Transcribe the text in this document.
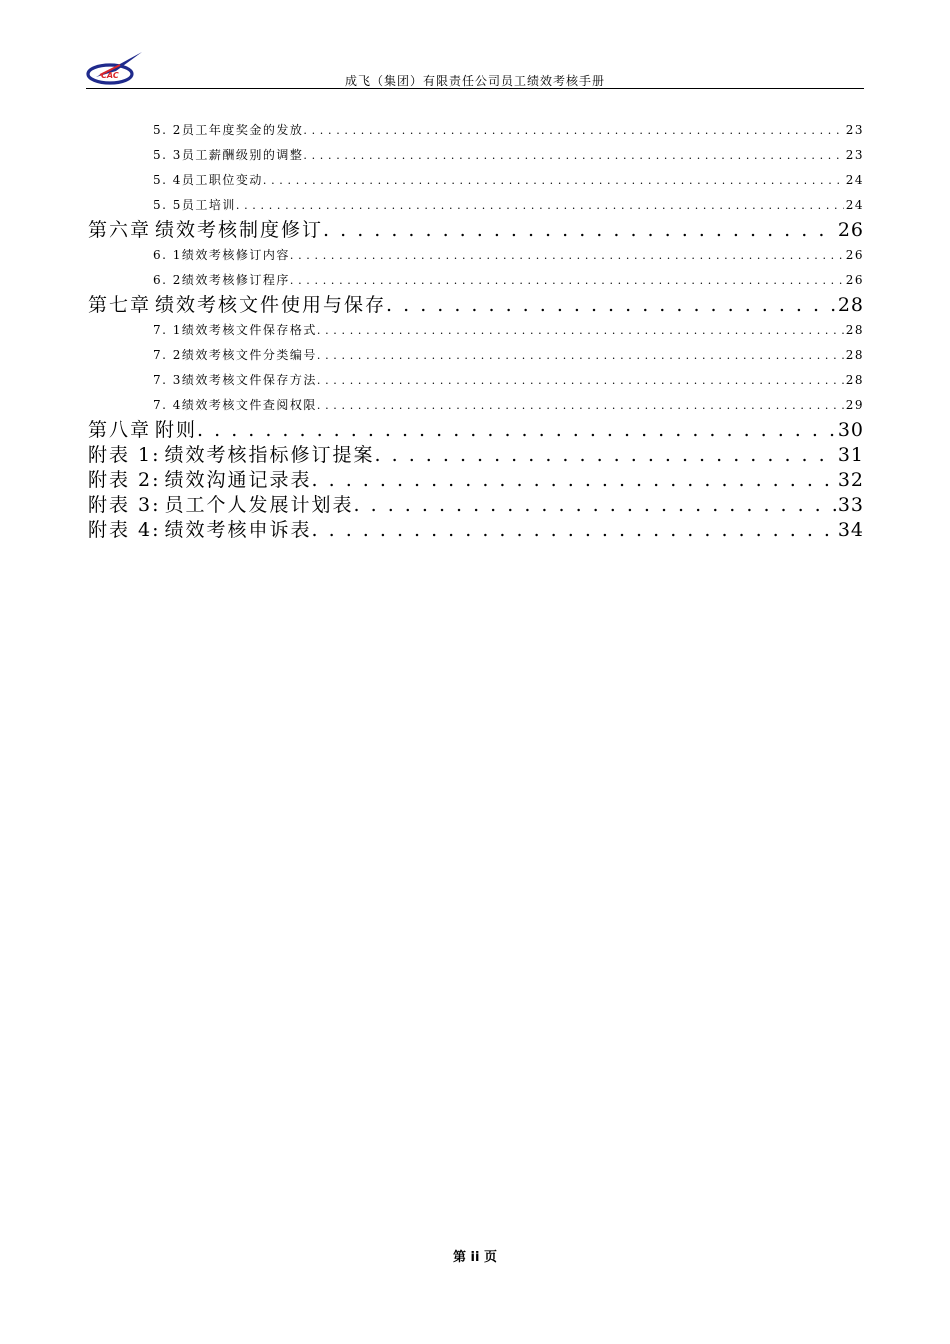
CAC	成飞（集团）有限责任公司员工绩效考核手册
5. 2 员工年度奖金的发放 . . .	23
5. 3 员工薪酬级别的调整 . . .	23
5. 4 员工职位变动 . . .	24
5. 5 员工培训 . . .	24
第六章 绩效考核制度修订 . . .	26
6. 1 绩效考核修订内容 . . .	26
6. 2 绩效考核修订程序 . . .	26
第七章 绩效考核文件使用与保存 . . .	28
7. 1 绩效考核文件保存格式 . . .	28
7. 2 绩效考核文件分类编号 . . .	28
7. 3 绩效考核文件保存方法 . . .	28
7. 4 绩效考核文件查阅权限 . . .	29
第八章 附则 . . .	30
附表 1: 绩效考核指标修订提案 . . .	31
附表 2: 绩效沟通记录表 . . .	32
附表 3: 员工个人发展计划表 . . .	33
附表 4: 绩效考核申诉表 . . .	34
第 ii 页
